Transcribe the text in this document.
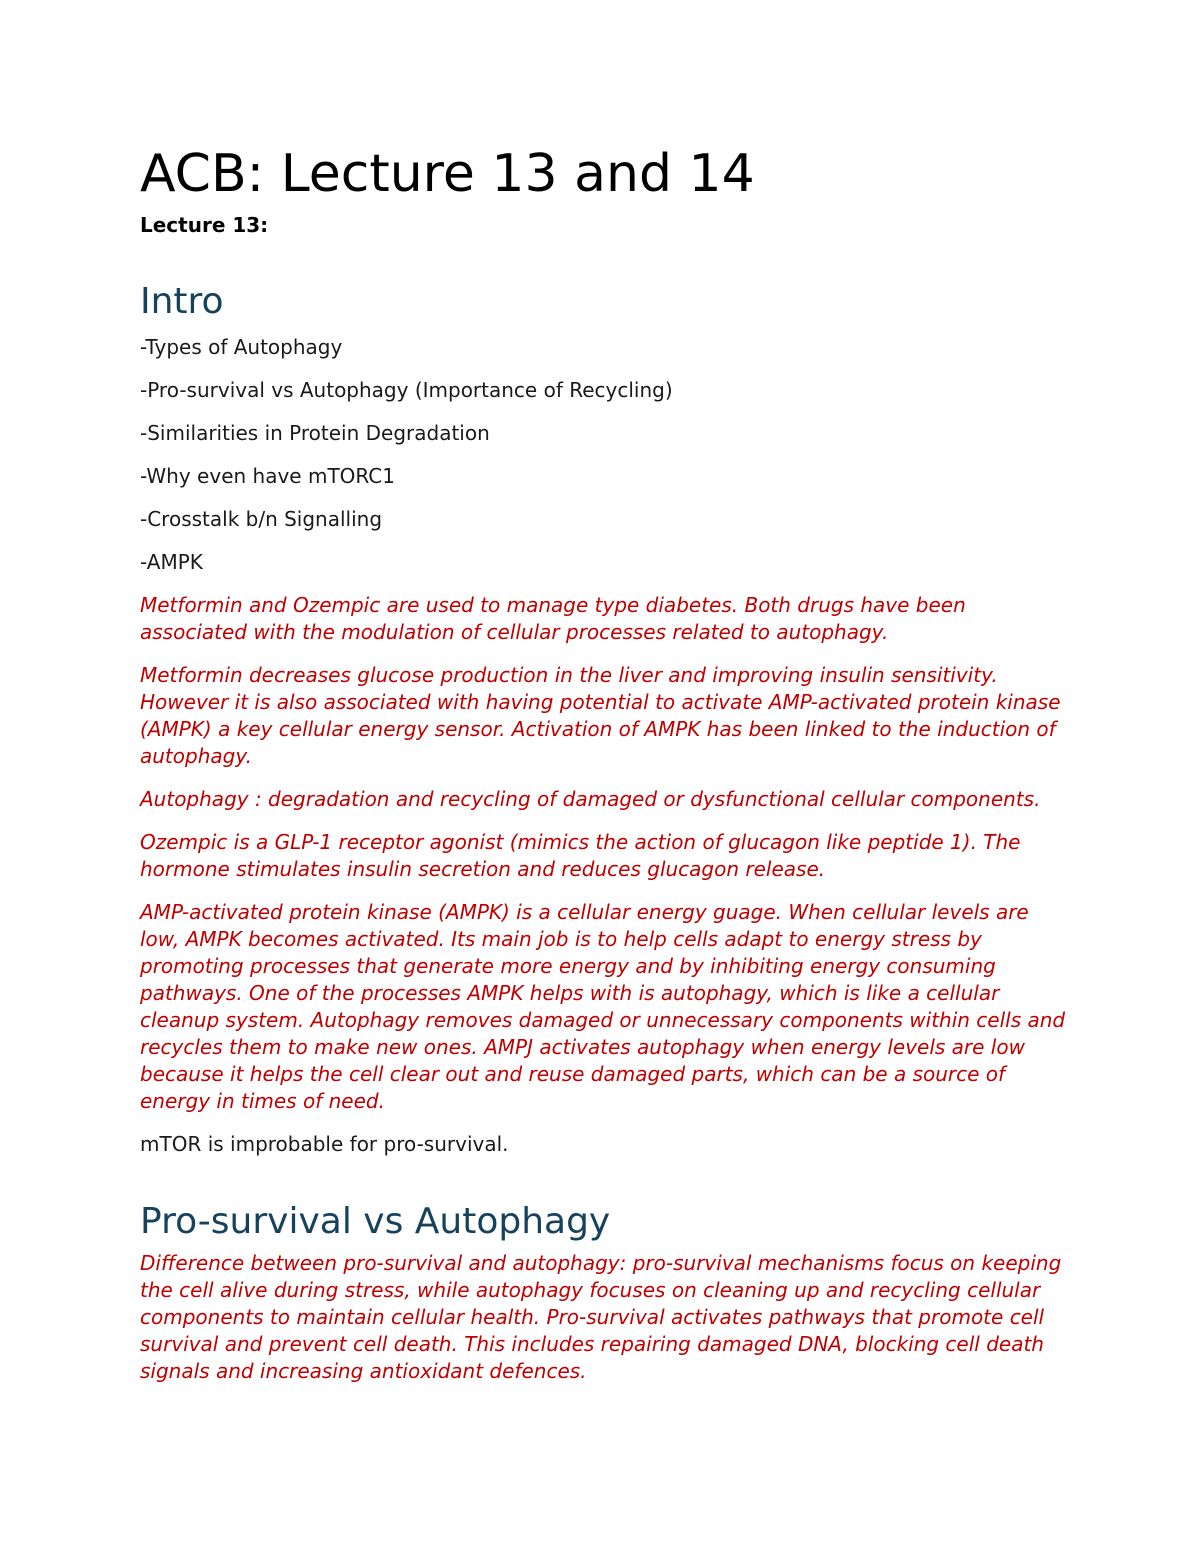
ACB: Lecture 13 and 14

Lecture 13:

Intro

-Types of Autophagy

-Pro-survival vs Autophagy (Importance of Recycling)

-Similarities in Protein Degradation

-Why even have mTORC1

-Crosstalk b/n Signalling

-AMPK

Metformin and Ozempic are used to manage type diabetes. Both drugs have been associated with the modulation of cellular processes related to autophagy.

Metformin decreases glucose production in the liver and improving insulin sensitivity. However it is also associated with having potential to activate AMP-activated protein kinase (AMPK) a key cellular energy sensor. Activation of AMPK has been linked to the induction of autophagy.

Autophagy : degradation and recycling of damaged or dysfunctional cellular components.

Ozempic is a GLP-1 receptor agonist (mimics the action of glucagon like peptide 1). The hormone stimulates insulin secretion and reduces glucagon release.

AMP-activated protein kinase (AMPK) is a cellular energy guage. When cellular levels are low, AMPK becomes activated. Its main job is to help cells adapt to energy stress by promoting processes that generate more energy and by inhibiting energy consuming pathways. One of the processes AMPK helps with is autophagy, which is like a cellular cleanup system. Autophagy removes damaged or unnecessary components within cells and recycles them to make new ones. AMPJ activates autophagy when energy levels are low because it helps the cell clear out and reuse damaged parts, which can be a source of energy in times of need.

mTOR is improbable for pro-survival.

Pro-survival vs Autophagy

Difference between pro-survival and autophagy: pro-survival mechanisms focus on keeping the cell alive during stress, while autophagy focuses on cleaning up and recycling cellular components to maintain cellular health. Pro-survival activates pathways that promote cell survival and prevent cell death. This includes repairing damaged DNA, blocking cell death signals and increasing antioxidant defences.
